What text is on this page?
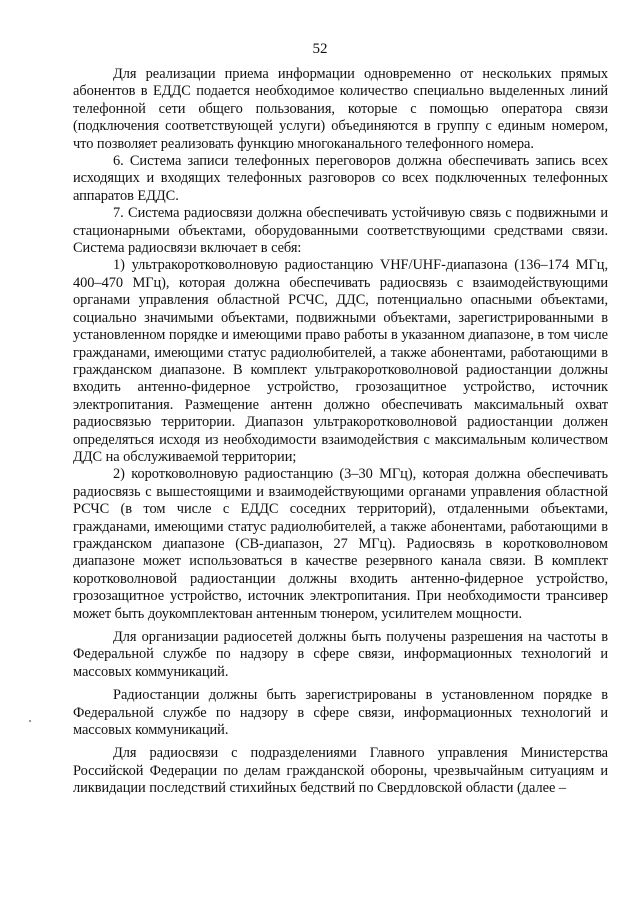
52

Для реализации приема информации одновременно от нескольких прямых абонентов в ЕДДС подается необходимое количество специально выделенных линий телефонной сети общего пользования, которые с помощью оператора связи (подключения соответствующей услуги) объединяются в группу с единым номером, что позволяет реализовать функцию многоканального телефонного номера.

6. Система записи телефонных переговоров должна обеспечивать запись всех исходящих и входящих телефонных разговоров со всех подключенных телефонных аппаратов ЕДДС.

7. Система радиосвязи должна обеспечивать устойчивую связь с подвижными и стационарными объектами, оборудованными соответствующими средствами связи. Система радиосвязи включает в себя:

1) ультракоротковолновую радиостанцию VHF/UHF-диапазона (136–174 МГц, 400–470 МГц), которая должна обеспечивать радиосвязь с взаимодействующими органами управления областной РСЧС, ДДС, потенциально опасными объектами, социально значимыми объектами, подвижными объектами, зарегистрированными в установленном порядке и имеющими право работы в указанном диапазоне, в том числе гражданами, имеющими статус радиолюбителей, а также абонентами, работающими в гражданском диапазоне. В комплект ультракоротковолновой радиостанции должны входить антенно-фидерное устройство, грозозащитное устройство, источник электропитания. Размещение антенн должно обеспечивать максимальный охват радиосвязью территории. Диапазон ультракоротковолновой радиостанции должен определяться исходя из необходимости взаимодействия с максимальным количеством ДДС на обслуживаемой территории;

2) коротковолновую радиостанцию (3–30 МГц), которая должна обеспечивать радиосвязь с вышестоящими и взаимодействующими органами управления областной РСЧС (в том числе с ЕДДС соседних территорий), отдаленными объектами, гражданами, имеющими статус радиолюбителей, а также абонентами, работающими в гражданском диапазоне (СВ-диапазон, 27 МГц). Радиосвязь в коротковолновом диапазоне может использоваться в качестве резервного канала связи. В комплект коротковолновой радиостанции должны входить антенно-фидерное устройство, грозозащитное устройство, источник электропитания. При необходимости трансивер может быть доукомплектован антенным тюнером, усилителем мощности.

Для организации радиосетей должны быть получены разрешения на частоты в Федеральной службе по надзору в сфере связи, информационных технологий и массовых коммуникаций.

Радиостанции должны быть зарегистрированы в установленном порядке в Федеральной службе по надзору в сфере связи, информационных технологий и массовых коммуникаций.

Для радиосвязи с подразделениями Главного управления Министерства Российской Федерации по делам гражданской обороны, чрезвычайным ситуациям и ликвидации последствий стихийных бедствий по Свердловской области (далее –
